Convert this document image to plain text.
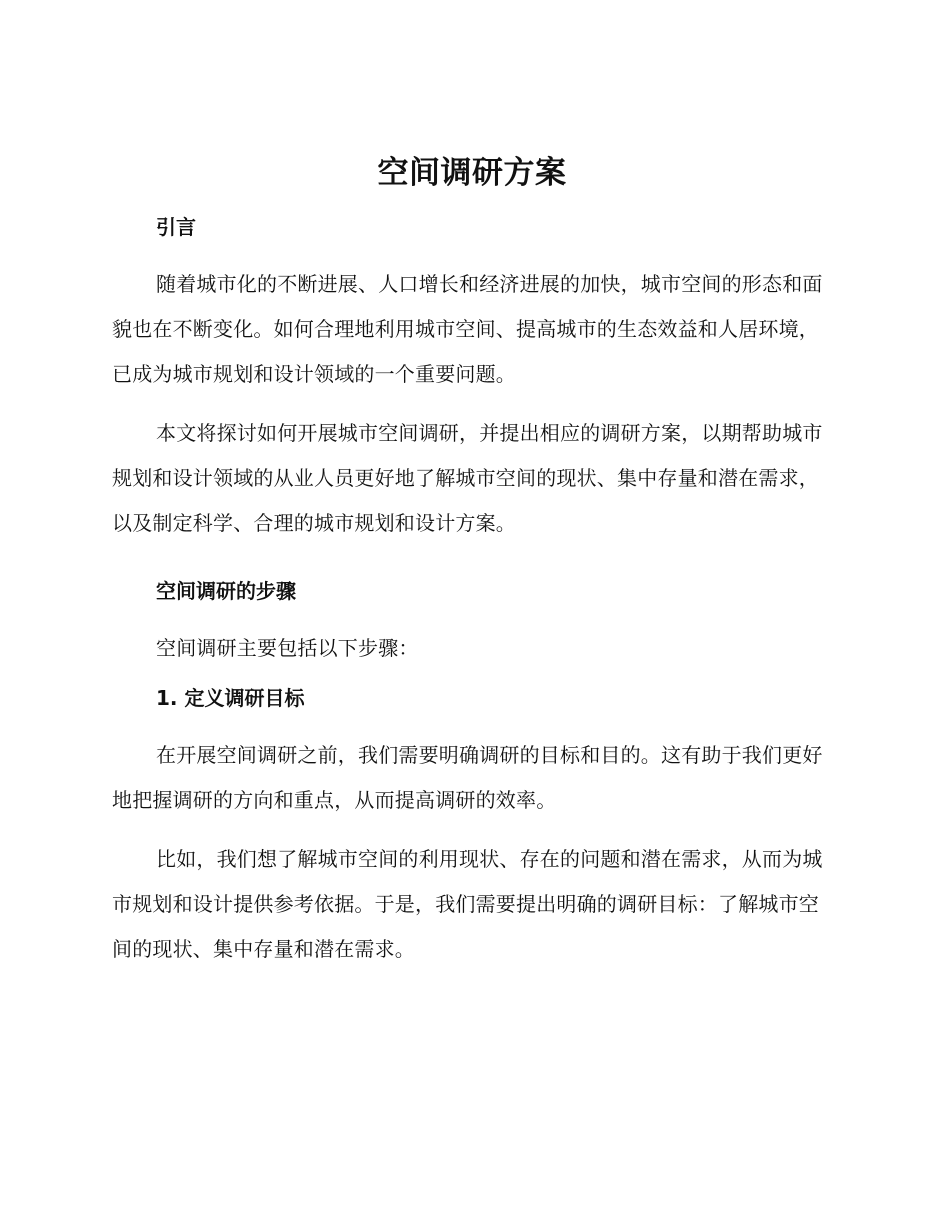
空间调研方案
引言

随着城市化的不断进展、人口增长和经济进展的加快，城市空间的形态和面貌也在不断变化。如何合理地利用城市空间、提高城市的生态效益和人居环境，已成为城市规划和设计领域的一个重要问题。

本文将探讨如何开展城市空间调研，并提出相应的调研方案，以期帮助城市规划和设计领域的从业人员更好地了解城市空间的现状、集中存量和潜在需求，以及制定科学、合理的城市规划和设计方案。

空间调研的步骤

空间调研主要包括以下步骤：

1. 定义调研目标

在开展空间调研之前，我们需要明确调研的目标和目的。这有助于我们更好地把握调研的方向和重点，从而提高调研的效率。

比如，我们想了解城市空间的利用现状、存在的问题和潜在需求，从而为城市规划和设计提供参考依据。于是，我们需要提出明确的调研目标：了解城市空间的现状、集中存量和潜在需求。
